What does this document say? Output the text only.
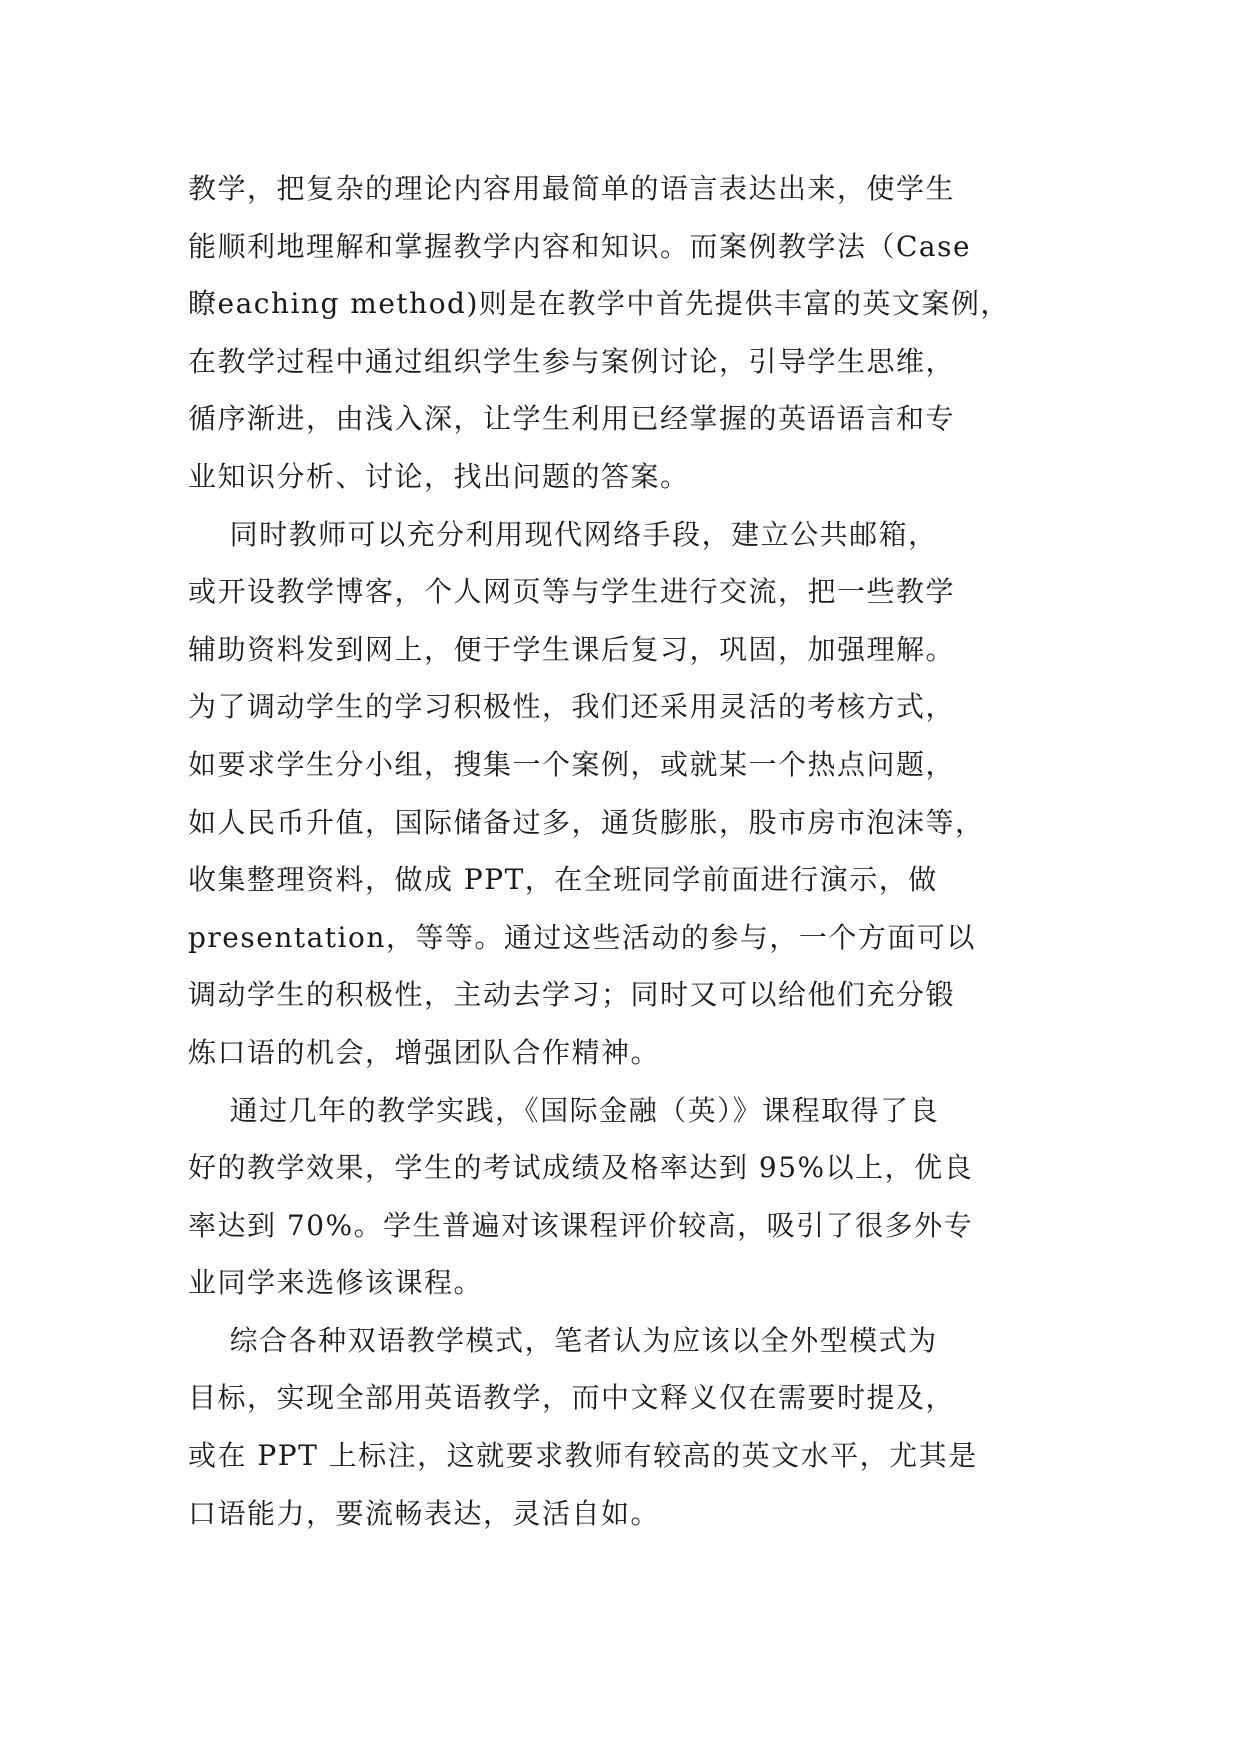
教学，把复杂的理论内容用最简单的语言表达出来，使学生
能顺利地理解和掌握教学内容和知识。而案例教学法（Case
瞭eaching method)则是在教学中首先提供丰富的英文案例，
在教学过程中通过组织学生参与案例讨论，引导学生思维，
循序渐进，由浅入深，让学生利用已经掌握的英语语言和专
业知识分析、讨论，找出问题的答案。
同时教师可以充分利用现代网络手段，建立公共邮箱，
或开设教学博客，个人网页等与学生进行交流，把一些教学
辅助资料发到网上，便于学生课后复习，巩固，加强理解。
为了调动学生的学习积极性，我们还采用灵活的考核方式，
如要求学生分小组，搜集一个案例，或就某一个热点问题，
如人民币升值，国际储备过多，通货膨胀，股市房市泡沫等，
收集整理资料，做成 PPT，在全班同学前面进行演示，做
presentation，等等。通过这些活动的参与，一个方面可以
调动学生的积极性，主动去学习；同时又可以给他们充分锻
炼口语的机会，增强团队合作精神。
通过几年的教学实践，《国际金融（英）》课程取得了良
好的教学效果，学生的考试成绩及格率达到 95%以上，优良
率达到 70%。学生普遍对该课程评价较高，吸引了很多外专
业同学来选修该课程。
综合各种双语教学模式，笔者认为应该以全外型模式为
目标，实现全部用英语教学，而中文释义仅在需要时提及，
或在 PPT 上标注，这就要求教师有较高的英文水平，尤其是
口语能力，要流畅表达，灵活自如。
